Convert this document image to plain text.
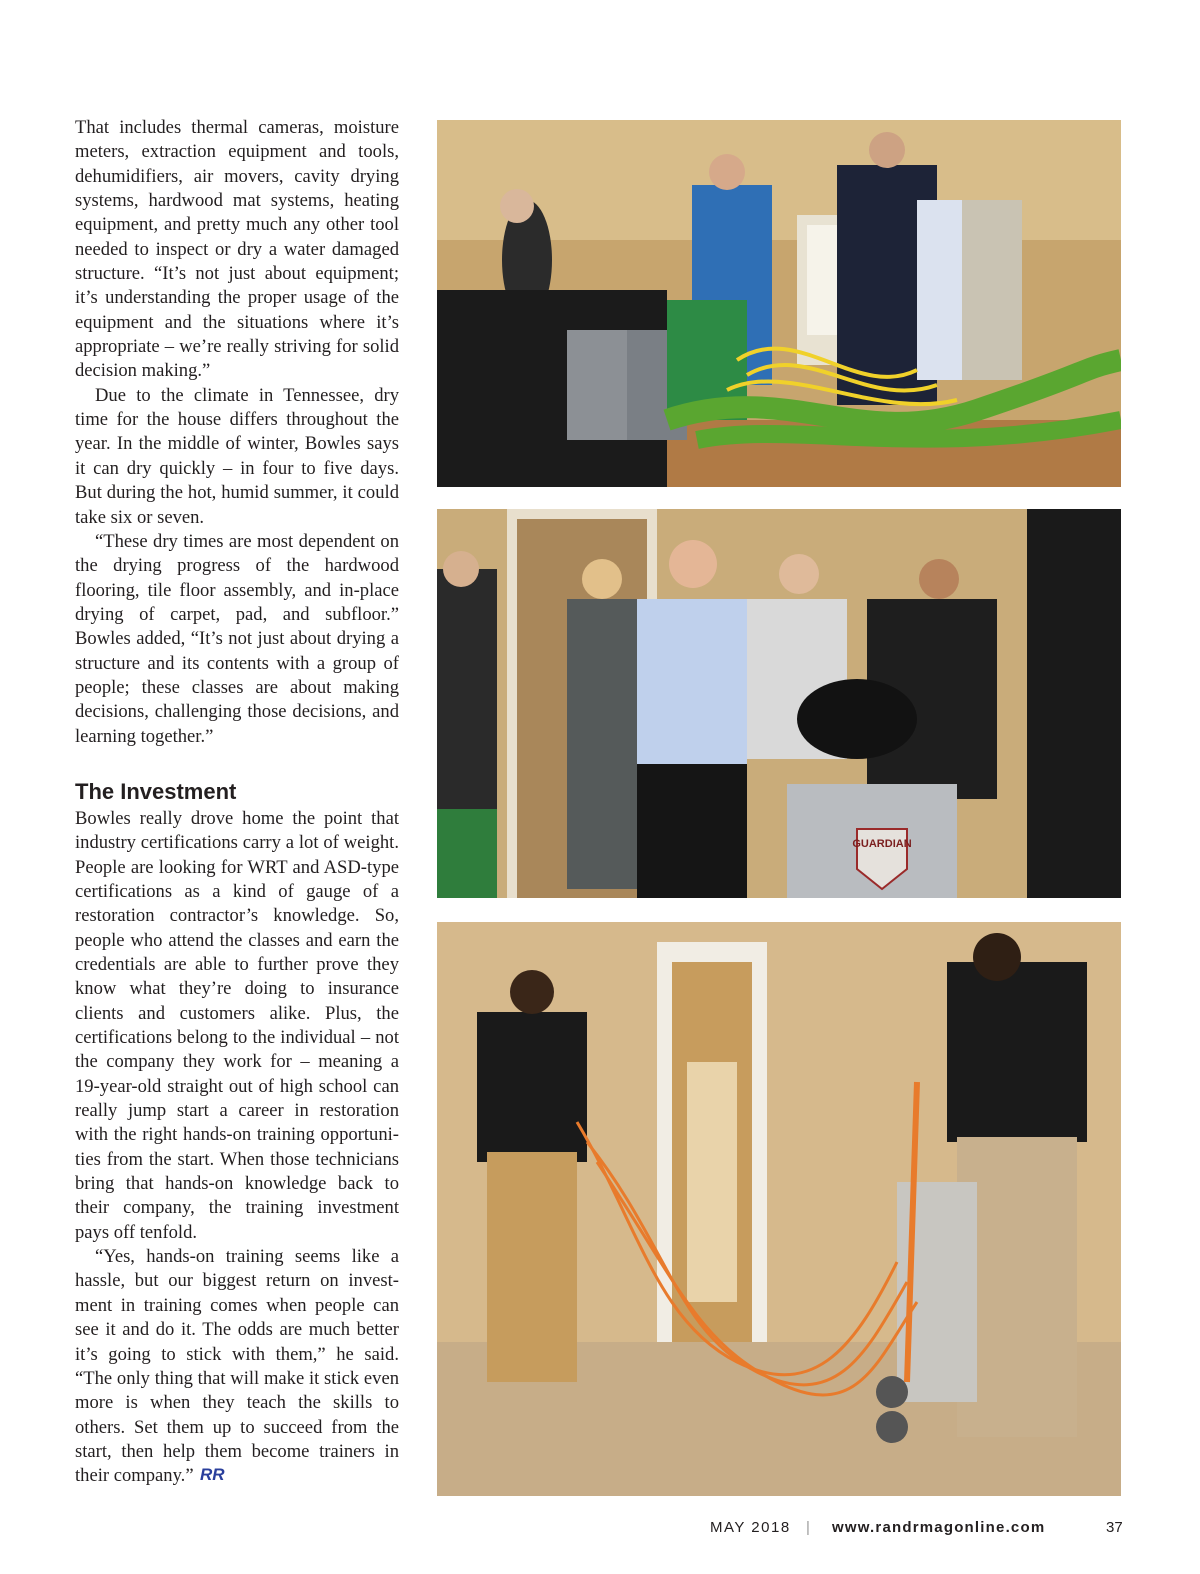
That includes thermal cameras, moisture meters, extraction equipment and tools, dehumidifiers, air movers, cavity drying systems, hardwood mat systems, heating equipment, and pretty much any other tool needed to inspect or dry a water damaged structure. “It’s not just about equipment; it’s understanding the proper usage of the equipment and the situations where it’s appropriate – we’re really striving for solid decision making.”

Due to the climate in Tennessee, dry time for the house differs throughout the year. In the middle of winter, Bowles says it can dry quickly – in four to five days. But during the hot, humid summer, it could take six or seven.

“These dry times are most dependent on the drying progress of the hardwood flooring, tile floor assembly, and in-place drying of carpet, pad, and subfloor.” Bowles added, “It’s not just about drying a structure and its contents with a group of people; these classes are about making decisions, challenging those decisions, and learning together.”

The Investment

Bowles really drove home the point that industry certifications carry a lot of weight. People are looking for WRT and ASD-type certifications as a kind of gauge of a restoration contractor’s knowledge. So, people who attend the classes and earn the credentials are able to further prove they know what they’re doing to insurance clients and customers alike. Plus, the certifications belong to the individual – not the company they work for – meaning a 19-year-old straight out of high school can really jump start a career in restoration with the right hands-on training opportunities from the start. When those technicians bring that hands-on knowledge back to their company, the training investment pays off tenfold.

“Yes, hands-on training seems like a hassle, but our biggest return on investment in training comes when people can see it and do it. The odds are much better it’s going to stick with them,” he said. “The only thing that will make it stick even more is when they teach the skills to others. Set them up to succeed from the start, then help them become trainers in their company.” RR

GUARDIAN
MAY 2018 | www.randrmagonline.com	37
